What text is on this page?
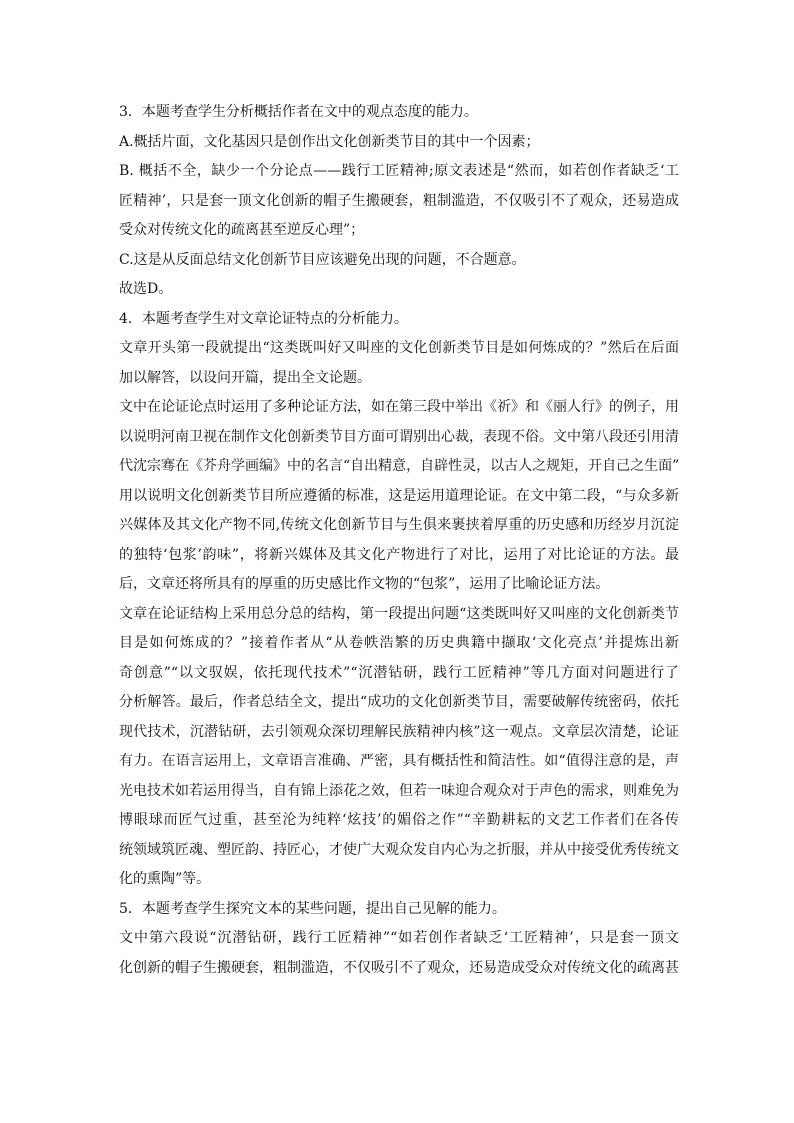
3．本题考查学生分析概括作者在文中的观点态度的能力。
A.概括片面，文化基因只是创作出文化创新类节目的其中一个因素；
B. 概括不全，缺少一个分论点——践行工匠精神;原文表述是“然而，如若创作者缺乏‘工
匠精神’，只是套一顶文化创新的帽子生搬硬套，粗制滥造，不仅吸引不了观众，还易造成
受众对传统文化的疏离甚至逆反心理”；
C.这是从反面总结文化创新节目应该避免出现的问题，不合题意。
故选D。
4．本题考查学生对文章论证特点的分析能力。
文章开头第一段就提出“这类既叫好又叫座的文化创新类节目是如何炼成的？”然后在后面
加以解答，以设问开篇，提出全文论题。
文中在论证论点时运用了多种论证方法，如在第三段中举出《祈》和《丽人行》的例子，用
以说明河南卫视在制作文化创新类节目方面可谓别出心裁，表现不俗。文中第八段还引用清
代沈宗骞在《芥舟学画编》中的名言“自出精意，自辟性灵，以古人之规矩，开自己之生面”
用以说明文化创新类节目所应遵循的标准，这是运用道理论证。在文中第二段，“与众多新
兴媒体及其文化产物不同,传统文化创新节目与生俱来裹挟着厚重的历史感和历经岁月沉淀
的独特‘包浆’韵味”，将新兴媒体及其文化产物进行了对比，运用了对比论证的方法。最
后，文章还将所具有的厚重的历史感比作文物的“包浆”，运用了比喻论证方法。
文章在论证结构上采用总分总的结构，第一段提出问题“这类既叫好又叫座的文化创新类节
目是如何炼成的？”接着作者从“从卷帙浩繁的历史典籍中撷取‘文化亮点’并提炼出新
奇创意”“以文驭娱，依托现代技术”“沉潜钻研，践行工匠精神”等几方面对问题进行了
分析解答。最后，作者总结全文，提出“成功的文化创新类节目，需要破解传统密码，依托
现代技术，沉潜钻研，去引领观众深切理解民族精神内核”这一观点。文章层次清楚，论证
有力。在语言运用上，文章语言准确、严密，具有概括性和简洁性。如“值得注意的是，声
光电技术如若运用得当，自有锦上添花之效，但若一味迎合观众对于声色的需求，则难免为
博眼球而匠气过重，甚至沦为纯粹‘炫技’的媚俗之作”“辛勤耕耘的文艺工作者们在各传
统领域筑匠魂、塑匠韵、持匠心，才使广大观众发自内心为之折服，并从中接受优秀传统文
化的熏陶”等。
5．本题考查学生探究文本的某些问题，提出自己见解的能力。
文中第六段说“沉潜钻研，践行工匠精神”“如若创作者缺乏‘工匠精神’，只是套一顶文
化创新的帽子生搬硬套，粗制滥造，不仅吸引不了观众，还易造成受众对传统文化的疏离甚
